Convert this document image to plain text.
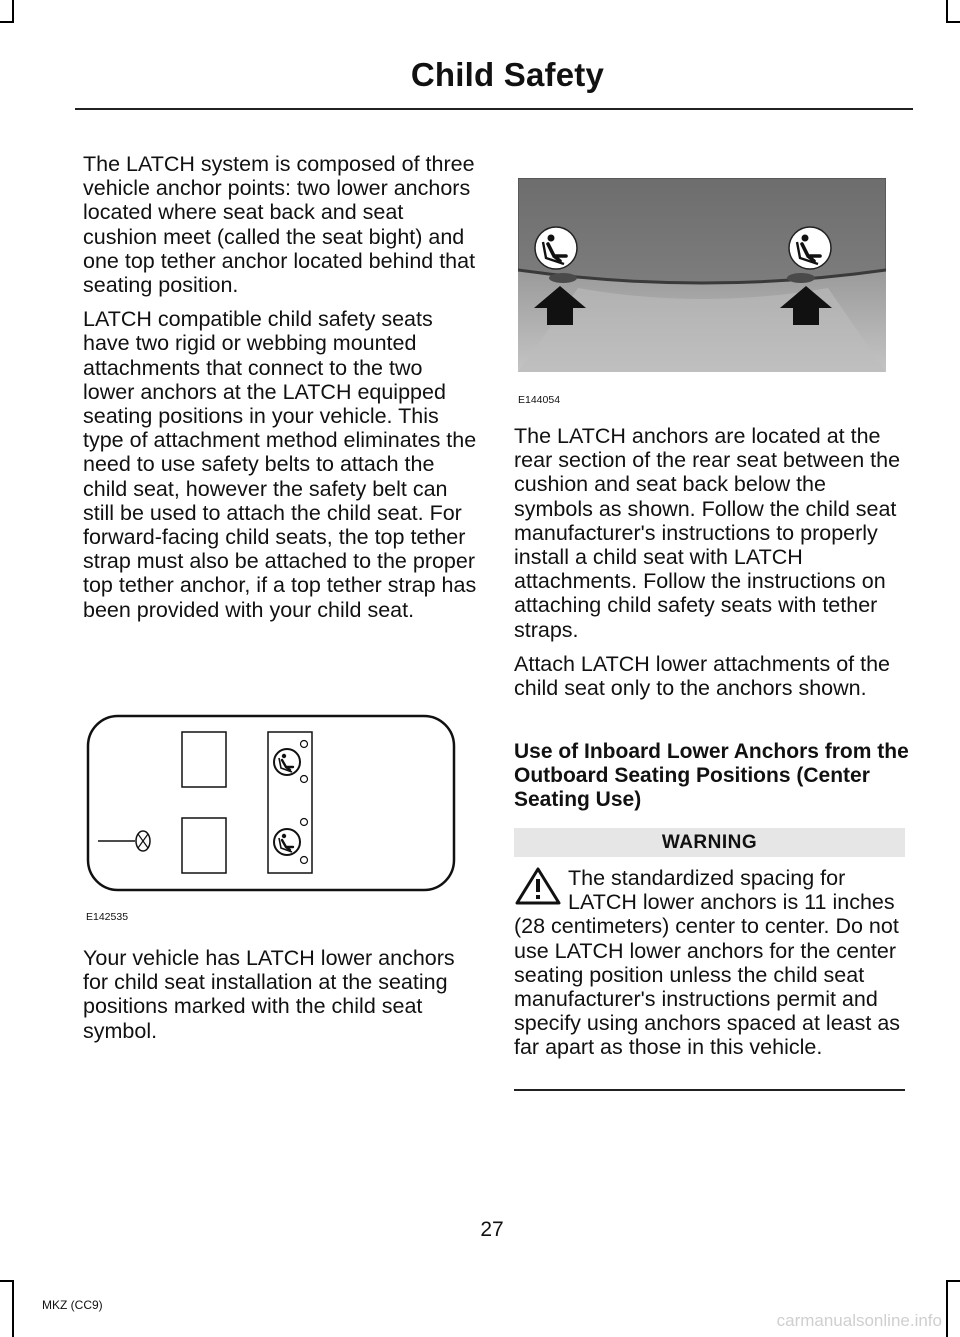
Child Safety

The LATCH system is composed of three vehicle anchor points: two lower anchors located where seat back and seat cushion meet (called the seat bight) and one top tether anchor located behind that seating position.

LATCH compatible child safety seats have two rigid or webbing mounted attachments that connect to the two lower anchors at the LATCH equipped seating positions in your vehicle. This type of attachment method eliminates the need to use safety belts to attach the child seat, however the safety belt can still be used to attach the child seat. For forward-facing child seats, the top tether strap must also be attached to the proper top tether anchor, if a top tether strap has been provided with your child seat.

E142535

Your vehicle has LATCH lower anchors for child seat installation at the seating positions marked with the child seat symbol.

E144054

The LATCH anchors are located at the rear section of the rear seat between the cushion and seat back below the symbols as shown. Follow the child seat manufacturer's instructions to properly install a child seat with LATCH attachments. Follow the instructions on attaching child safety seats with tether straps.

Attach LATCH lower attachments of the child seat only to the anchors shown.

Use of Inboard Lower Anchors from the Outboard Seating Positions (Center Seating Use)
WARNING

The standardized spacing for LATCH lower anchors is 11 inches (28 centimeters) center to center. Do not use LATCH lower anchors for the center seating position unless the child seat manufacturer's instructions permit and specify using anchors spaced at least as far apart as those in this vehicle.

27
MKZ (CC9)
carmanualsonline.info
